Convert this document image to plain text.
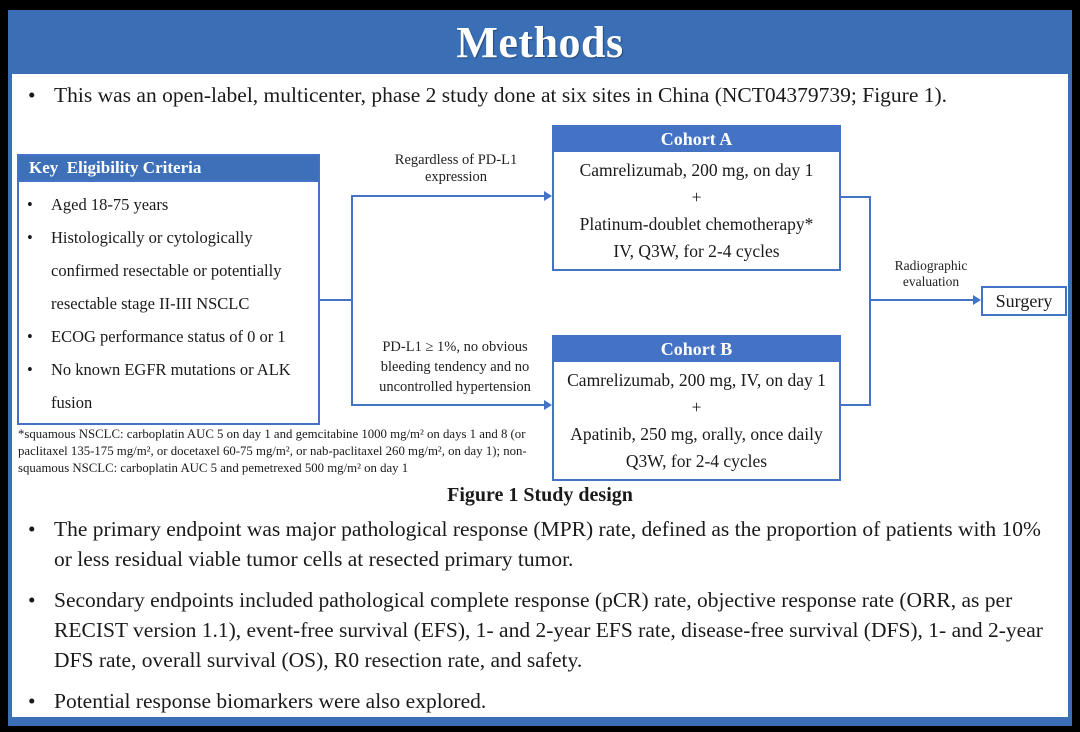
Methods
• This was an open-label, multicenter, phase 2 study done at six sites in China (NCT04379739; Figure 1).
Key  Eligibility Criteria
•	Aged 18-75 years
•	Histologically or cytologically confirmed resectable or potentially resectable stage II-III NSCLC
•	ECOG performance status of 0 or 1
•	No known EGFR mutations or ALK fusion
Regardless of PD-L1 expression
PD-L1 ≥ 1%, no obvious bleeding tendency and no uncontrolled hypertension
Cohort A
Camrelizumab, 200 mg, on day 1
+
Platinum-doublet chemotherapy*
IV, Q3W, for 2-4 cycles
Cohort B
Camrelizumab, 200 mg, IV, on day 1
+
Apatinib, 250 mg, orally, once daily
Q3W, for 2-4 cycles
Radiographic evaluation
Surgery
*squamous NSCLC: carboplatin AUC 5 on day 1 and gemcitabine 1000 mg/m² on days 1 and 8 (or paclitaxel 135-175 mg/m², or docetaxel 60-75 mg/m², or nab-paclitaxel 260 mg/m², on day 1); non-squamous NSCLC: carboplatin AUC 5 and pemetrexed 500 mg/m² on day 1
Figure 1 Study design
• The primary endpoint was major pathological response (MPR) rate, defined as the proportion of patients with 10% or less residual viable tumor cells at resected primary tumor.
• Secondary endpoints included pathological complete response (pCR) rate, objective response rate (ORR, as per RECIST version 1.1), event-free survival (EFS), 1- and 2-year EFS rate, disease-free survival (DFS), 1- and 2-year DFS rate, overall survival (OS), R0 resection rate, and safety.
• Potential response biomarkers were also explored.
